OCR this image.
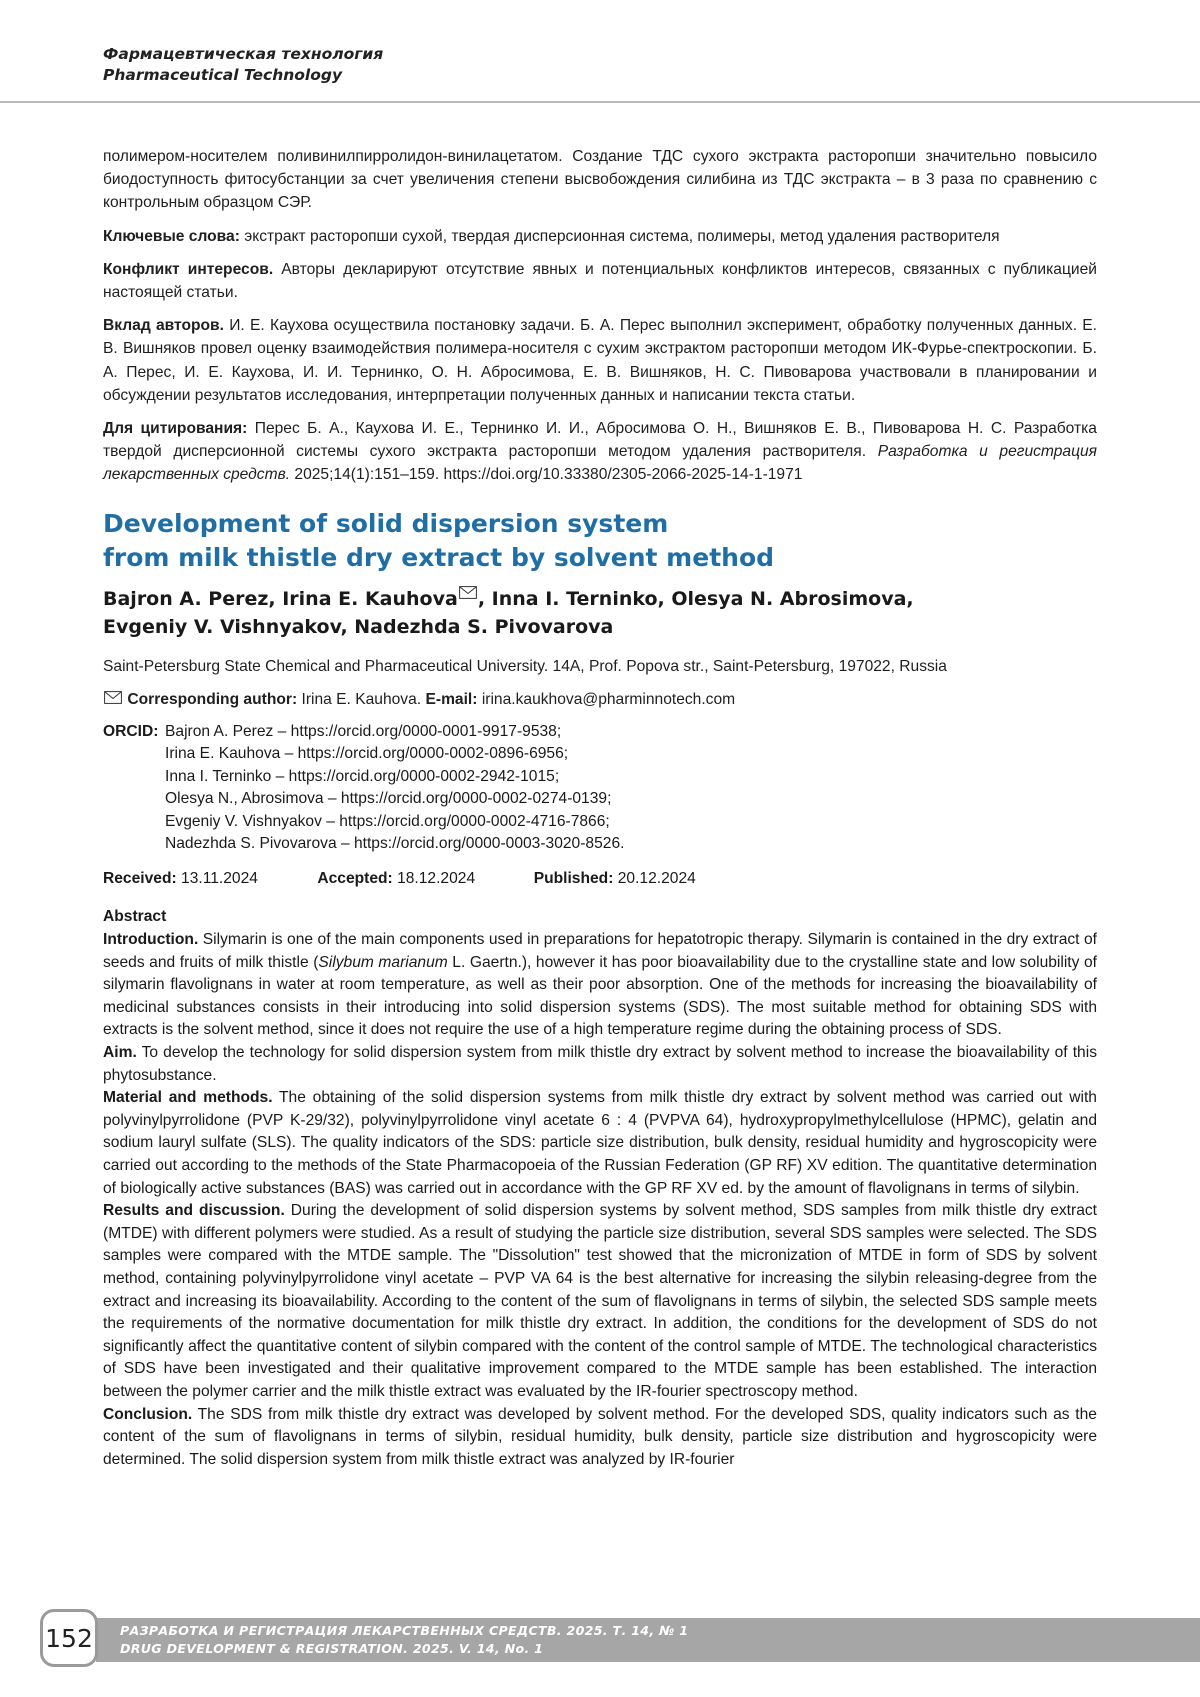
Фармацевтическая технология
Pharmaceutical Technology

полимером-носителем поливинилпирролидон-винилацетатом. Создание ТДС сухого экстракта расторопши значительно повысило биодоступность фитосубстанции за счет увеличения степени высвобождения силибина из ТДС экстракта – в 3 раза по сравнению с контрольным образцом СЭР.

Ключевые слова: экстракт расторопши сухой, твердая дисперсионная система, полимеры, метод удаления растворителя

Конфликт интересов. Авторы декларируют отсутствие явных и потенциальных конфликтов интересов, связанных с публикацией настоящей статьи.

Вклад авторов. И. Е. Каухова осуществила постановку задачи. Б. А. Перес выполнил эксперимент, обработку полученных данных. Е. В. Вишняков провел оценку взаимодействия полимера-носителя с сухим экстрактом расторопши методом ИК-Фурье-спектроскопии. Б. А. Перес, И. Е. Каухова, И. И. Тернинко, О. Н. Абросимова, Е. В. Вишняков, Н. С. Пивоварова участвовали в планировании и обсуждении результатов исследования, интерпретации полученных данных и написании текста статьи.

Для цитирования: Перес Б. А., Каухова И. Е., Тернинко И. И., Абросимова О. Н., Вишняков Е. В., Пивоварова Н. С. Разработка твердой дисперсионной системы сухого экстракта расторопши методом удаления растворителя. Разработка и регистрация лекарственных средств. 2025;14(1):151–159. https://doi.org/10.33380/2305-2066-2025-14-1-1971

Development of solid dispersion system
from milk thistle dry extract by solvent method
Bajron A. Perez, Irina E. Kauhova , Inna I. Terninko, Olesya N. Abrosimova,
Evgeniy V. Vishnyakov, Nadezhda S. Pivovarova

Saint-Petersburg State Chemical and Pharmaceutical University. 14A, Prof. Popova str., Saint-Petersburg, 197022, Russia

Corresponding author: Irina E. Kauhova. E-mail: irina.kaukhova@pharminnotech.com

ORCID: Bajron A. Perez – https://orcid.org/0000-0001-9917-9538;
Irina E. Kauhova – https://orcid.org/0000-0002-0896-6956;
Inna I. Terninko – https://orcid.org/0000-0002-2942-1015;
Olesya N., Abrosimova – https://orcid.org/0000-0002-0274-0139;
Evgeniy V. Vishnyakov – https://orcid.org/0000-0002-4716-7866;
Nadezhda S. Pivovarova – https://orcid.org/0000-0003-3020-8526.
Received: 13.11.2024	Accepted: 18.12.2024	Published: 20.12.2024
Abstract

Introduction. Silymarin is one of the main components used in preparations for hepatotropic therapy. Silymarin is contained in the dry extract of seeds and fruits of milk thistle (Silybum marianum L. Gaertn.), however it has poor bioavailability due to the crystalline state and low solubility of silymarin flavolignans in water at room temperature, as well as their poor absorption. One of the methods for increasing the bioavailability of medicinal substances consists in their introducing into solid dispersion systems (SDS). The most suitable method for obtaining SDS with extracts is the solvent method, since it does not require the use of a high temperature regime during the obtaining process of SDS.

Aim. To develop the technology for solid dispersion system from milk thistle dry extract by solvent method to increase the bioavailability of this phytosubstance.

Material and methods. The obtaining of the solid dispersion systems from milk thistle dry extract by solvent method was carried out with polyvinylpyrrolidone (PVP K-29/32), polyvinylpyrrolidone vinyl acetate 6 : 4 (PVPVA 64), hydroxypropylmethylcellulose (HPMC), gelatin and sodium lauryl sulfate (SLS). The quality indicators of the SDS: particle size distribution, bulk density, residual humidity and hygroscopicity were carried out according to the methods of the State Pharmacopoeia of the Russian Federation (GP RF) XV edition. The quantitative determination of biologically active substances (BAS) was carried out in accordance with the GP RF XV ed. by the amount of flavolignans in terms of silybin.

Results and discussion. During the development of solid dispersion systems by solvent method, SDS samples from milk thistle dry extract (MTDE) with different polymers were studied. As a result of studying the particle size distribution, several SDS samples were selected. The SDS samples were compared with the MTDE sample. The "Dissolution" test showed that the micronization of MTDE in form of SDS by solvent method, containing polyvinylpyrrolidone vinyl acetate – PVP VA 64 is the best alternative for increasing the silybin releasing-degree from the extract and increasing its bioavailability. According to the content of the sum of flavolignans in terms of silybin, the selected SDS sample meets the requirements of the normative documentation for milk thistle dry extract. In addition, the conditions for the development of SDS do not significantly affect the quantitative content of silybin compared with the content of the control sample of MTDE. The technological characteristics of SDS have been investigated and their qualitative improvement compared to the MTDE sample has been established. The interaction between the polymer carrier and the milk thistle extract was evaluated by the IR-fourier spectroscopy method.

Conclusion. The SDS from milk thistle dry extract was developed by solvent method. For the developed SDS, quality indicators such as the content of the sum of flavolignans in terms of silybin, residual humidity, bulk density, particle size distribution and hygroscopicity were determined. The solid dispersion system from milk thistle extract was analyzed by IR-fourier

152	РАЗРАБОТКА И РЕГИСТРАЦИЯ ЛЕКАРСТВЕННЫХ СРЕДСТВ. 2025. Т. 14, № 1
DRUG DEVELOPMENT & REGISTRATION. 2025. V. 14, No. 1
